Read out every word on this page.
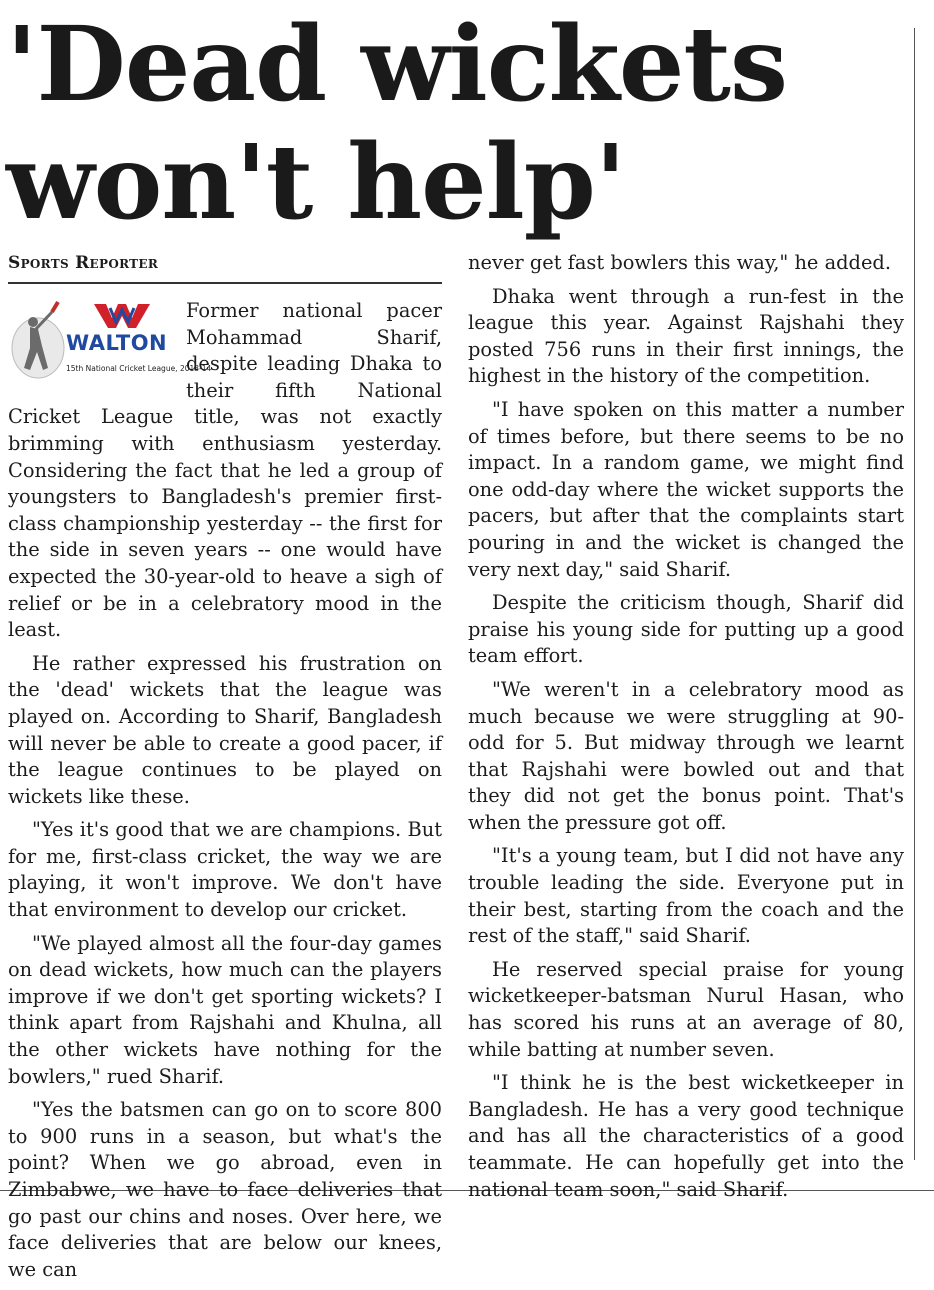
'Dead wickets won't help'
Sports Reporter
WALTON
15th National Cricket League, 2013-14

Former national pacer Mohammad Sharif, despite leading Dhaka to their fifth National Cricket League title, was not exactly brimming with enthusiasm yesterday. Considering the fact that he led a group of youngsters to Bangladesh's premier first-class championship yesterday -- the first for the side in seven years -- one would have expected the 30-year-old to heave a sigh of relief or be in a celebratory mood in the least.

He rather expressed his frustration on the 'dead' wickets that the league was played on. According to Sharif, Bangladesh will never be able to create a good pacer, if the league continues to be played on wickets like these.

"Yes it's good that we are champions. But for me, first-class cricket, the way we are playing, it won't improve. We don't have that environment to develop our cricket.

"We played almost all the four-day games on dead wickets, how much can the players improve if we don't get sporting wickets? I think apart from Rajshahi and Khulna, all the other wickets have nothing for the bowlers," rued Sharif.

"Yes the batsmen can go on to score 800 to 900 runs in a season, but what's the point? When we go abroad, even in Zimbabwe, we have to face deliveries that go past our chins and noses. Over here, we face deliveries that are below our knees, we can

never get fast bowlers this way," he added.

Dhaka went through a run-fest in the league this year. Against Rajshahi they posted 756 runs in their first innings, the highest in the history of the competition.

"I have spoken on this matter a number of times before, but there seems to be no impact. In a random game, we might find one odd-day where the wicket supports the pacers, but after that the complaints start pouring in and the wicket is changed the very next day," said Sharif.

Despite the criticism though, Sharif did praise his young side for putting up a good team effort.

"We weren't in a celebratory mood as much because we were struggling at 90-odd for 5. But midway through we learnt that Rajshahi were bowled out and that they did not get the bonus point. That's when the pressure got off.

"It's a young team, but I did not have any trouble leading the side. Everyone put in their best, starting from the coach and the rest of the staff," said Sharif.

He reserved special praise for young wicketkeeper-batsman Nurul Hasan, who has scored his runs at an average of 80, while batting at number seven.

"I think he is the best wicketkeeper in Bangladesh. He has a very good technique and has all the characteristics of a good teammate. He can hopefully get into the national team soon," said Sharif.
